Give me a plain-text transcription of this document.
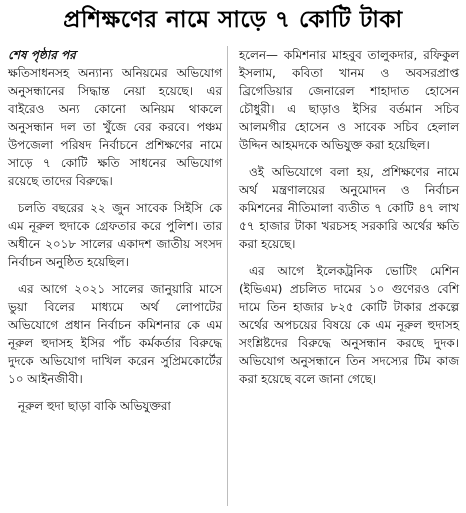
প্রশিক্ষণের নামে সাড়ে ৭ কোটি টাকা
শেষ পৃষ্ঠার পর

ক্ষতিসাধনসহ অন্যান্য অনিয়মের অভিযোগ অনুসন্ধানের সিদ্ধান্ত নেয়া হয়েছে। এর বাইরেও অন্য কোনো অনিয়ম থাকলে অনুসন্ধান দল তা খুঁজে বের করবে। পঞ্চম উপজেলা পরিষদ নির্বাচনে প্রশিক্ষণের নামে সাড়ে ৭ কোটি ক্ষতি সাধনের অভিযোগ রয়েছে তাদের বিরুদ্ধে।

চলতি বছরের ২২ জুন সাবেক সিইসি কে এম নূরুল হুদাকে গ্রেফতার করে পুলিশ। তার অধীনে ২০১৮ সালের একাদশ জাতীয় সংসদ নির্বাচন অনুষ্ঠিত হয়েছিল।

এর আগে ২০২১ সালের জানুয়ারি মাসে ভুয়া বিলের মাধ্যমে অর্থ লোপাটের অভিযোগে প্রধান নির্বাচন কমিশনার কে এম নূরুল হুদাসহ ইসির পাঁচ কর্মকর্তার বিরুদ্ধে দুদকে অভিযোগ দাখিল করেন সুপ্রিমকোর্টের ১০ আইনজীবী।

নূরুল হুদা ছাড়া বাকি অভিযুক্তরা

হলেন— কমিশনার মাহবুব তালুকদার, রফিকুল ইসলাম, কবিতা খানম ও অবসরপ্রাপ্ত ব্রিগেডিয়ার জেনারেল শাহাদাত হোসেন চৌধুরী। এ ছাড়াও ইসির বর্তমান সচিব আলমগীর হোসেন ও সাবেক সচিব হেলাল উদ্দিন আহমদকে অভিযুক্ত করা হয়েছিল।

ওই অভিযোগে বলা হয়, প্রশিক্ষণের নামে অর্থ মন্ত্রণালয়ের অনুমোদন ও নির্বাচন কমিশনের নীতিমালা ব্যতীত ৭ কোটি ৪৭ লাখ ৫৭ হাজার টাকা খরচসহ সরকারি অর্থের ক্ষতি করা হয়েছে।

এর আগে ইলেকট্রনিক ভোটিং মেশিন (ইভিএম) প্রচলিত দামের ১০ গুণেরও বেশি দামে তিন হাজার ৮২৫ কোটি টাকার প্রকল্পে অর্থের অপচয়ের বিষয়ে কে এম নূরুল হুদাসহ সংশ্লিষ্টদের বিরুদ্ধে অনুসন্ধান করছে দুদক। অভিযোগ অনুসন্ধানে তিন সদস্যের টিম কাজ করা হয়েছে বলে জানা গেছে।
